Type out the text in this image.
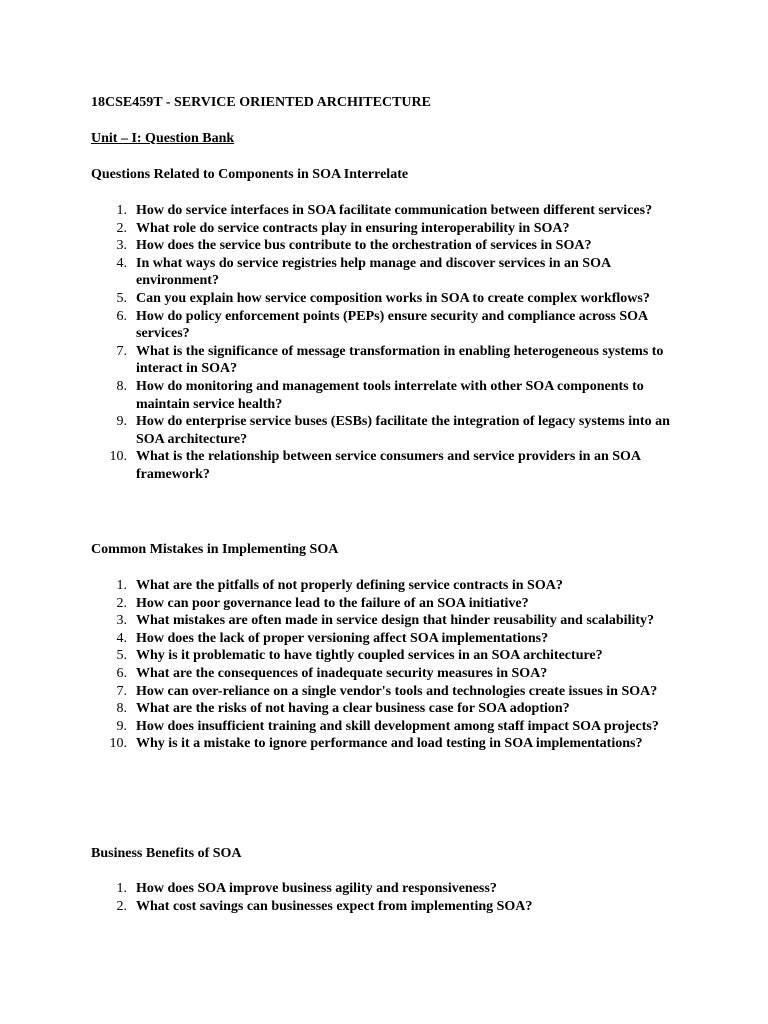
18CSE459T - SERVICE ORIENTED ARCHITECTURE
Unit – I: Question Bank
Questions Related to Components in SOA Interrelate
1. How do service interfaces in SOA facilitate communication between different services?
2. What role do service contracts play in ensuring interoperability in SOA?
3. How does the service bus contribute to the orchestration of services in SOA?
4. In what ways do service registries help manage and discover services in an SOA environment?
5. Can you explain how service composition works in SOA to create complex workflows?
6. How do policy enforcement points (PEPs) ensure security and compliance across SOA services?
7. What is the significance of message transformation in enabling heterogeneous systems to interact in SOA?
8. How do monitoring and management tools interrelate with other SOA components to maintain service health?
9. How do enterprise service buses (ESBs) facilitate the integration of legacy systems into an SOA architecture?
10. What is the relationship between service consumers and service providers in an SOA framework?
Common Mistakes in Implementing SOA
1. What are the pitfalls of not properly defining service contracts in SOA?
2. How can poor governance lead to the failure of an SOA initiative?
3. What mistakes are often made in service design that hinder reusability and scalability?
4. How does the lack of proper versioning affect SOA implementations?
5. Why is it problematic to have tightly coupled services in an SOA architecture?
6. What are the consequences of inadequate security measures in SOA?
7. How can over-reliance on a single vendor's tools and technologies create issues in SOA?
8. What are the risks of not having a clear business case for SOA adoption?
9. How does insufficient training and skill development among staff impact SOA projects?
10. Why is it a mistake to ignore performance and load testing in SOA implementations?
Business Benefits of SOA
1. How does SOA improve business agility and responsiveness?
2. What cost savings can businesses expect from implementing SOA?
